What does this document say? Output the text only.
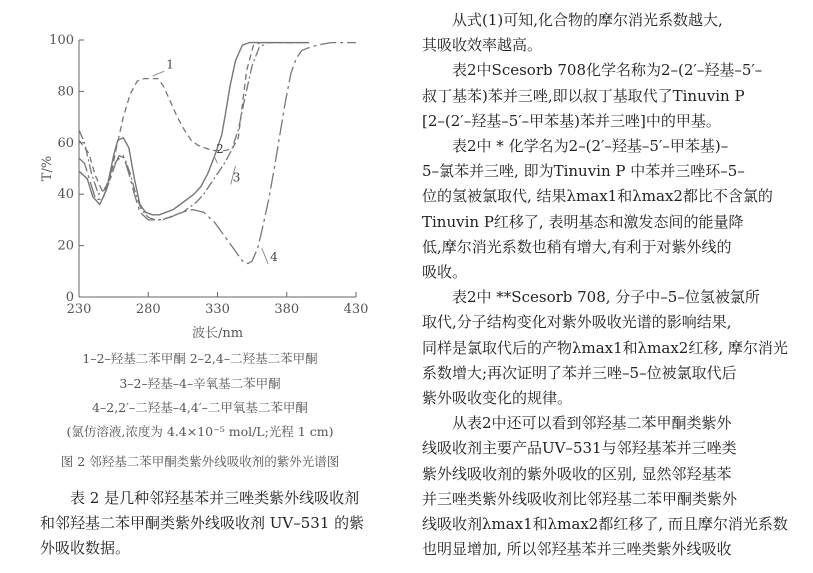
230	280	330	380	430
0
20
40
60
80
100
波长/nm
T/%
1
2
3
4
1–2–羟基二苯甲酮 2–2,4–二羟基二苯甲酮
3–2–羟基–4–辛氧基二苯甲酮
4–2,2′–二羟基–4,4′–二甲氧基二苯甲酮
(氯仿溶液,浓度为 4.4×10⁻⁵ mol/L;光程 1 cm)
图 2 邻羟基二苯甲酮类紫外线吸收剂的紫外光谱图
表 2 是几种邻羟基苯并三唑类紫外线吸收剂
和邻羟基二苯甲酮类紫外线吸收剂 UV–531 的紫
外吸收数据。
从式(1)可知,化合物的摩尔消光系数越大,
其吸收效率越高。
表2中Scesorb 708化学名称为2–(2′–羟基–5′–
叔丁基苯)苯并三唑,即以叔丁基取代了Tinuvin P
[2–(2′–羟基–5′–甲苯基)苯并三唑]中的甲基。
表2中 * 化学名为2–(2′–羟基–5′–甲苯基)–
5–氯苯并三唑, 即为Tinuvin P 中苯并三唑环–5–
位的氢被氯取代, 结果λmax1和λmax2都比不含氯的
Tinuvin P红移了, 表明基态和激发态间的能量降
低,摩尔消光系数也稍有增大,有利于对紫外线的
吸收。
表2中 **Scesorb 708, 分子中–5–位氢被氯所
取代,分子结构变化对紫外吸收光谱的影响结果,
同样是氯取代后的产物λmax1和λmax2红移, 摩尔消光
系数增大;再次证明了苯并三唑–5–位被氯取代后
紫外吸收变化的规律。
从表2中还可以看到邻羟基二苯甲酮类紫外
线吸收剂主要产品UV–531与邻羟基苯并三唑类
紫外线吸收剂的紫外吸收的区别, 显然邻羟基苯
并三唑类紫外线吸收剂比邻羟基二苯甲酮类紫外
线吸收剂λmax1和λmax2都红移了, 而且摩尔消光系数
也明显增加, 所以邻羟基苯并三唑类紫外线吸收
